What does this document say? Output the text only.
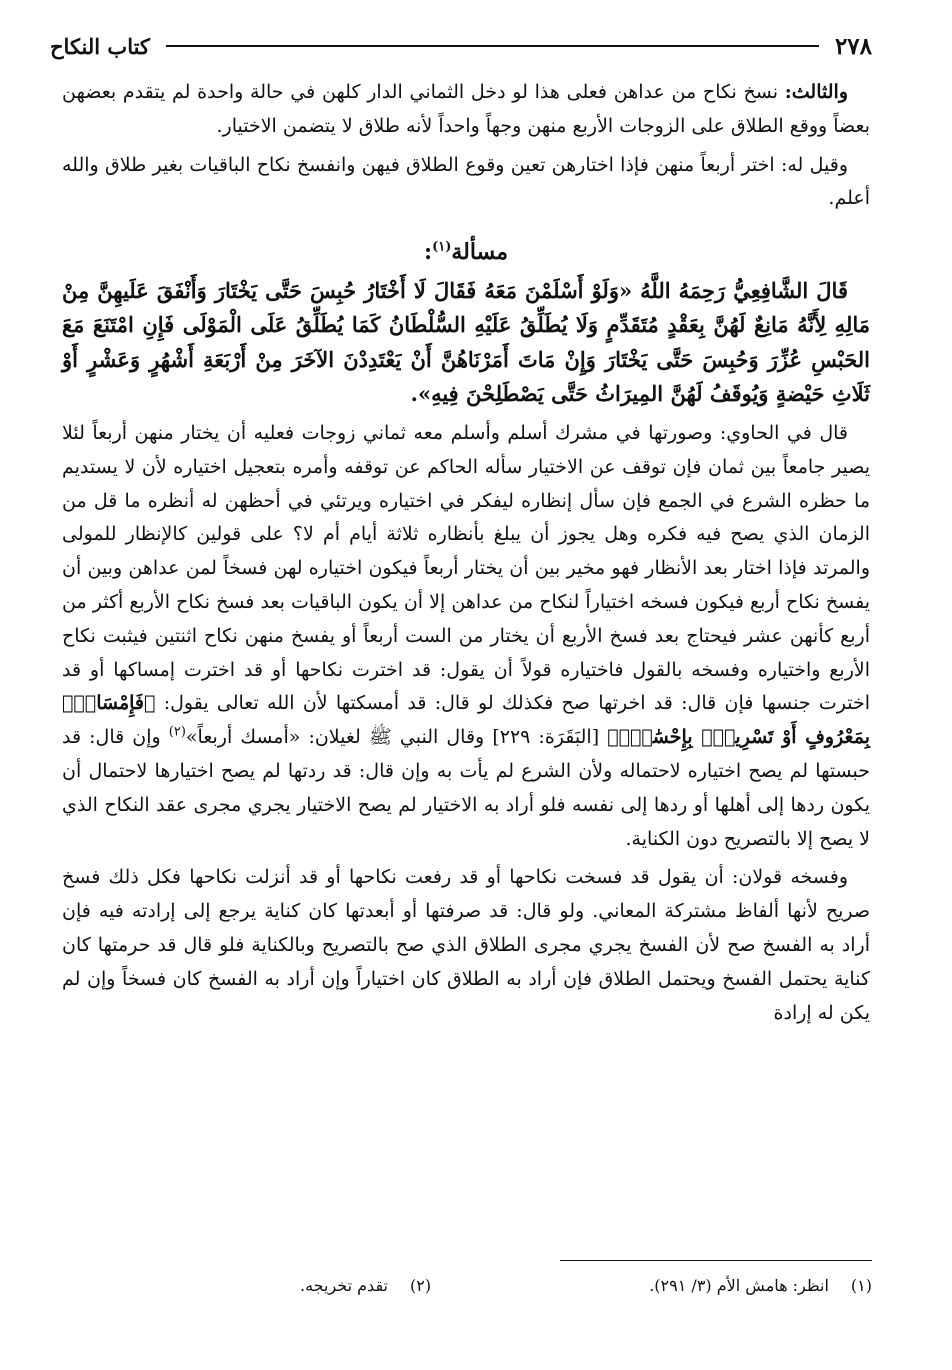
٢٧٨
كتاب النكاح

والثالث: نسخ نكاح من عداهن فعلى هذا لو دخل الثماني الدار كلهن في حالة واحدة لم يتقدم بعضهن بعضاً ووقع الطلاق على الزوجات الأربع منهن وجهاً واحداً لأنه طلاق لا يتضمن الاختيار.

وقيل له: اختر أربعاً منهن فإذا اختارهن تعين وقوع الطلاق فيهن وانفسخ نكاح الباقيات بغير طلاق والله أعلم.

مسألة$^{(١)}$:

قَالَ الشَّافِعِيُّ رَحِمَهُ اللَّهُ «وَلَوْ أَسْلَمْنَ مَعَهُ فَقَالَ لَا أَخْتَارُ حُبِسَ حَتَّى يَخْتَارَ وَأَنْفَقَ عَلَيهِنَّ مِنْ مَالِهِ لِأَنَّهُ مَانِعٌ لَهُنَّ بِعَقْدٍ مُتَقَدِّمٍ وَلَا يُطَلِّقُ عَلَيْهِ السُّلْطَانُ كَمَا يُطَلِّقُ عَلَى الْمَوْلَى فَإِنِ امْتَنَعَ مَعَ الحَبْسِ عُزِّرَ وَحُبِسَ حَتَّى يَخْتَارَ وَإِنْ مَاتَ أَمَرْنَاهُنَّ أَنْ يَعْتَدِدْنَ الآخَرَ مِنْ أَرْبَعَةِ أَشْهُرٍ وَعَشْرٍ أَوْ ثَلَاثِ حَيْضةٍ وَيُوقَفُ لَهُنَّ المِيرَاثُ حَتَّى يَصْطَلِحْنَ فِيهِ».

قال في الحاوي: وصورتها في مشرك أسلم وأسلم معه ثماني زوجات فعليه أن يختار منهن أربعاً لئلا يصير جامعاً بين ثمان فإن توقف عن الاختيار سأله الحاكم عن توقفه وأمره بتعجيل اختياره لأن لا يستديم ما حظره الشرع في الجمع فإن سأل إنظاره ليفكر في اختياره ويرتئي في أحظهن له أنظره ما قل من الزمان الذي يصح فيه فكره وهل يجوز أن يبلغ بأنظاره ثلاثة أيام أم لا؟ على قولين كالإنظار للمولى والمرتد فإذا اختار بعد الأنظار فهو مخير بين أن يختار أربعاً فيكون اختياره لهن فسخاً لمن عداهن وبين أن يفسخ نكاح أربع فيكون فسخه اختياراً لنكاح من عداهن إلا أن يكون الباقيات بعد فسخ نكاح الأربع أكثر من أربع كأنهن عشر فيحتاج بعد فسخ الأربع أن يختار من الست أربعاً أو يفسخ منهن نكاح اثنتين فيثبت نكاح الأربع واختياره وفسخه بالقول فاختياره قولاً أن يقول: قد اخترت نكاحها أو قد اخترت إمساكها أو قد اخترت جنسها فإن قال: قد اخرتها صح فكذلك لو قال: قد أمسكتها لأن الله تعالى يقول: ﴿فَإِمْسَاكٌۢ بِمَعْرُوفٍ أَوْ تَسْرِيحٌۢ بِإِحْسَٰنٍۗ﴾ [البَقَرَة: ٢٢٩] وقال النبي ﷺ لغيلان: «أمسك أربعاً»$^{(٢)}$ وإن قال: قد حبستها لم يصح اختياره لاحتماله ولأن الشرع لم يأت به وإن قال: قد ردتها لم يصح اختيارها لاحتمال أن يكون ردها إلى أهلها أو ردها إلى نفسه فلو أراد به الاختيار لم يصح الاختيار يجري مجرى عقد النكاح الذي لا يصح إلا بالتصريح دون الكناية.

وفسخه قولان: أن يقول قد فسخت نكاحها أو قد رفعت نكاحها أو قد أنزلت نكاحها فكل ذلك فسخ صريح لأنها ألفاظ مشتركة المعاني. ولو قال: قد صرفتها أو أبعدتها كان كناية يرجع إلى إرادته فيه فإن أراد به الفسخ صح لأن الفسخ يجري مجرى الطلاق الذي صح بالتصريح وبالكناية فلو قال قد حرمتها كان كناية يحتمل الفسخ ويحتمل الطلاق فإن أراد به الطلاق كان اختياراً وإن أراد به الفسخ كان فسخاً وإن لم يكن له إرادة

(١)انظر: هامش الأم (٣/ ٢٩١).
(٢)تقدم تخريجه.
